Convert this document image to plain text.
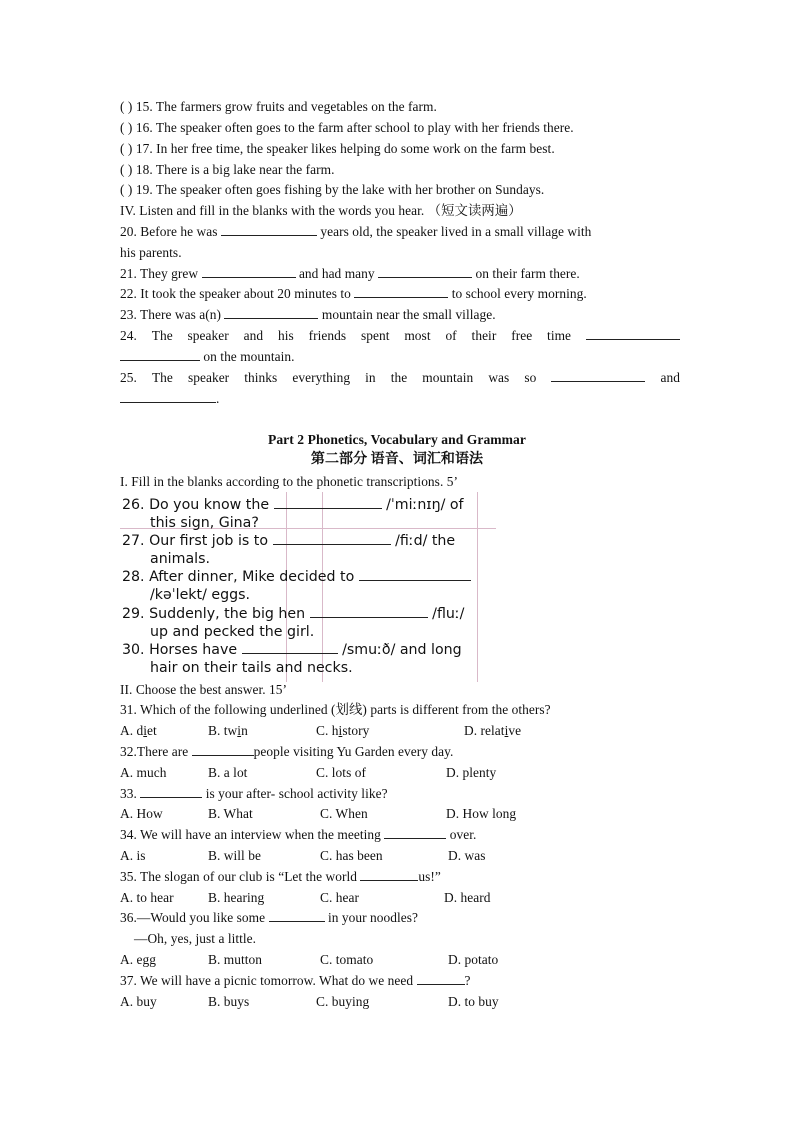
( ) 15. The farmers grow fruits and vegetables on the farm.
( ) 16. The speaker often goes to the farm after school to play with her friends there.
( ) 17. In her free time, the speaker likes helping do some work on the farm best.
( ) 18. There is a big lake near the farm.
( ) 19. The speaker often goes fishing by the lake with her brother on Sundays.
IV. Listen and fill in the blanks with the words you hear. （短文读两遍）
20. Before he was	years old, the speaker lived in a small village with
his parents.
21. They grew	and had many	on their farm there.
22. It took the speaker about 20 minutes to	to school every morning.
23. There was a(n)	mountain near the small village.
24. The speaker and his friends spent most of their free time
on the mountain.
25. The speaker thinks everything in the mountain was so	and
.
Part 2 Phonetics, Vocabulary and Grammar
第二部分 语音、词汇和语法
I. Fill in the blanks according to the phonetic transcriptions. 5’
26. Do you know the	/ˈmiːnɪŋ/ of
this sign, Gina?
27. Our first job is to	/fiːd/ the
animals.
28. After dinner, Mike decided to
/kəˈlekt/ eggs.
29. Suddenly, the big hen	/fluː/
up and pecked the girl.
30. Horses have	/smuːð/ and long
hair on their tails and necks.
II. Choose the best answer. 15’
31. Which of the following underlined (划线) parts is different from the others?
A. diet	B. twin	C. history	D. relative
32.There are	people visiting Yu Garden every day.
A. much	B. a lot	C. lots of	D. plenty
33.	is your after- school activity like?
A. How	B. What	C. When	D. How long
34. We will have an interview when the meeting	over.
A. is	B. will be	C. has been	D. was
35. The slogan of our club is “Let the world	us!”
A. to hear	B. hearing	C. hear	D. heard
36.—Would you like some	in your noodles?
—Oh, yes, just a little.
A. egg	B. mutton	C. tomato	D. potato
37. We will have a picnic tomorrow. What do we need	?
A. buy	B. buys	C. buying	D. to buy
